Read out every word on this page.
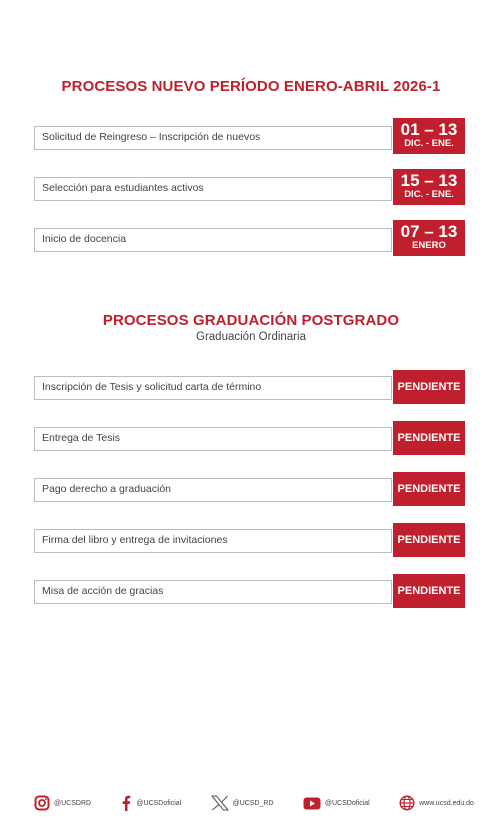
PROCESOS NUEVO PERÍODO ENERO-ABRIL 2026-1
Solicitud de Reingreso – Inscripción de nuevos	01 – 13
DIC. - ENE.
Selección para estudiantes activos	15 – 13
DIC. - ENE.
Inicio de docencia	07 – 13
ENERO
PROCESOS GRADUACIÓN POSTGRADO
Graduación Ordinaria
Inscripción de Tesis y solicitud carta de término	PENDIENTE
Entrega de Tesis	PENDIENTE
Pago derecho a graduación	PENDIENTE
Firma del libro y entrega de invitaciones	PENDIENTE
Misa de acción de gracias	PENDIENTE
@UCSDRD	@UCSDoficial	@UCSD_RD	@UCSDoficial	www.ucsd.edu.do
